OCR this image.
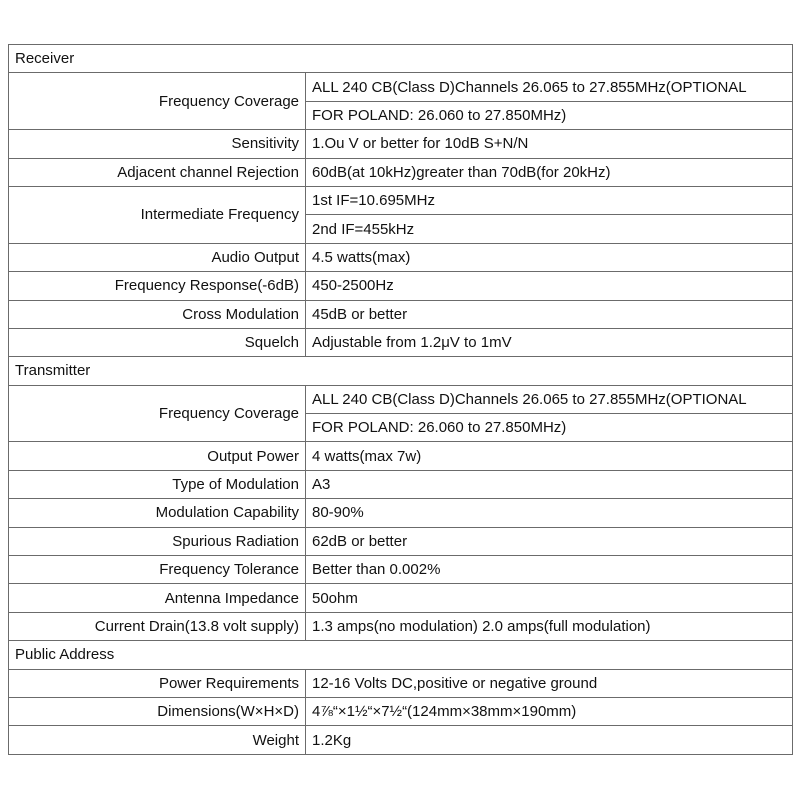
Receiver	
Frequency Coverage	ALL 240 CB(Class D)Channels 26.065 to 27.855MHz(OPTIONAL
	FOR POLAND: 26.060 to 27.850MHz)
Sensitivity	1.Ou V or better for 10dB S+N/N
Adjacent channel Rejection	60dB(at 10kHz)greater than 70dB(for 20kHz)
Intermediate Frequency	1st IF=10.695MHz
	2nd IF=455kHz
Audio Output	4.5 watts(max)
Frequency Response(-6dB)	450-2500Hz
Cross Modulation	45dB or better
Squelch	Adjustable from 1.2μV to 1mV
Transmitter	
Frequency Coverage	ALL 240 CB(Class D)Channels 26.065 to 27.855MHz(OPTIONAL
	FOR POLAND: 26.060 to 27.850MHz)
Output Power	4 watts(max 7w)
Type of Modulation	A3
Modulation Capability	80-90%
Spurious Radiation	62dB or better
Frequency Tolerance	Better than 0.002%
Antenna Impedance	50ohm
Current Drain(13.8 volt supply)	1.3 amps(no modulation) 2.0 amps(full modulation)
Public Address	
Power Requirements	12-16 Volts DC,positive or negative ground
Dimensions(W×H×D)	4⅞“×1½“×7½“(124mm×38mm×190mm)
Weight	1.2Kg
